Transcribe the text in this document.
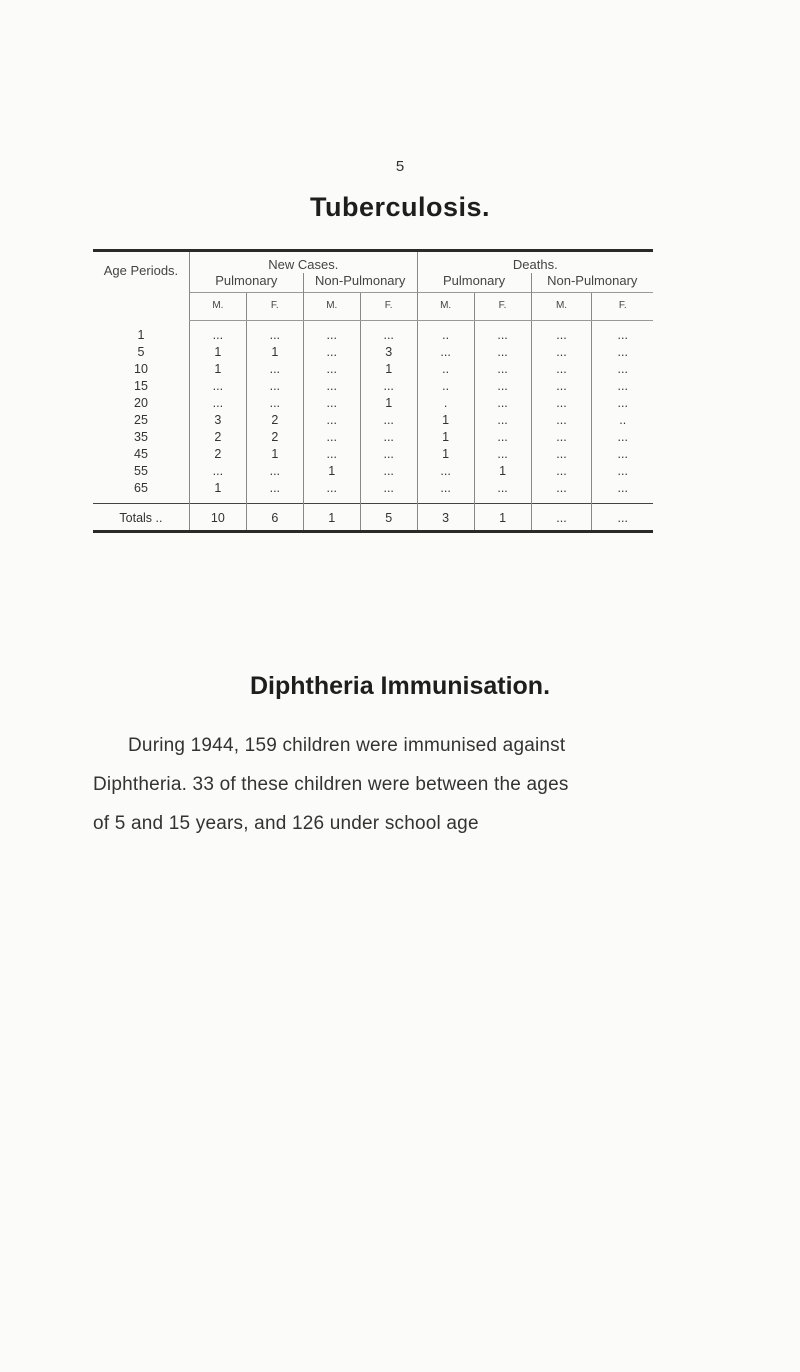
5
Tuberculosis.
Age Periods.	New Cases.				Deaths.			
	Pulmonary		Non-Pulmonary		Pulmonary		Non-Pulmonary	
	M.	F.	M.	F.	M.	F.	M.	F.
1	...	...	...	...	..	...	...	...
5	1	1	...	3	...	...	...	...
10	1	...	...	1	..	...	...	...
15	...	...	...	...	..	...	...	...
20	...	...	...	1	.	...	...	...
25	3	2	...	...	1	...	...	..
35	2	2	...	...	1	...	...	...
45	2	1	...	...	1	...	...	...
55	...	...	1	...	...	1	...	...
65	1	...	...	...	...	...	...	...
Totals ..	10	6	1	5	3	1	...	...
Diphtheria Immunisation.
During 1944, 159 children were immunised against
Diphtheria. 33 of these children were between the ages
of 5 and 15 years, and 126 under school age
